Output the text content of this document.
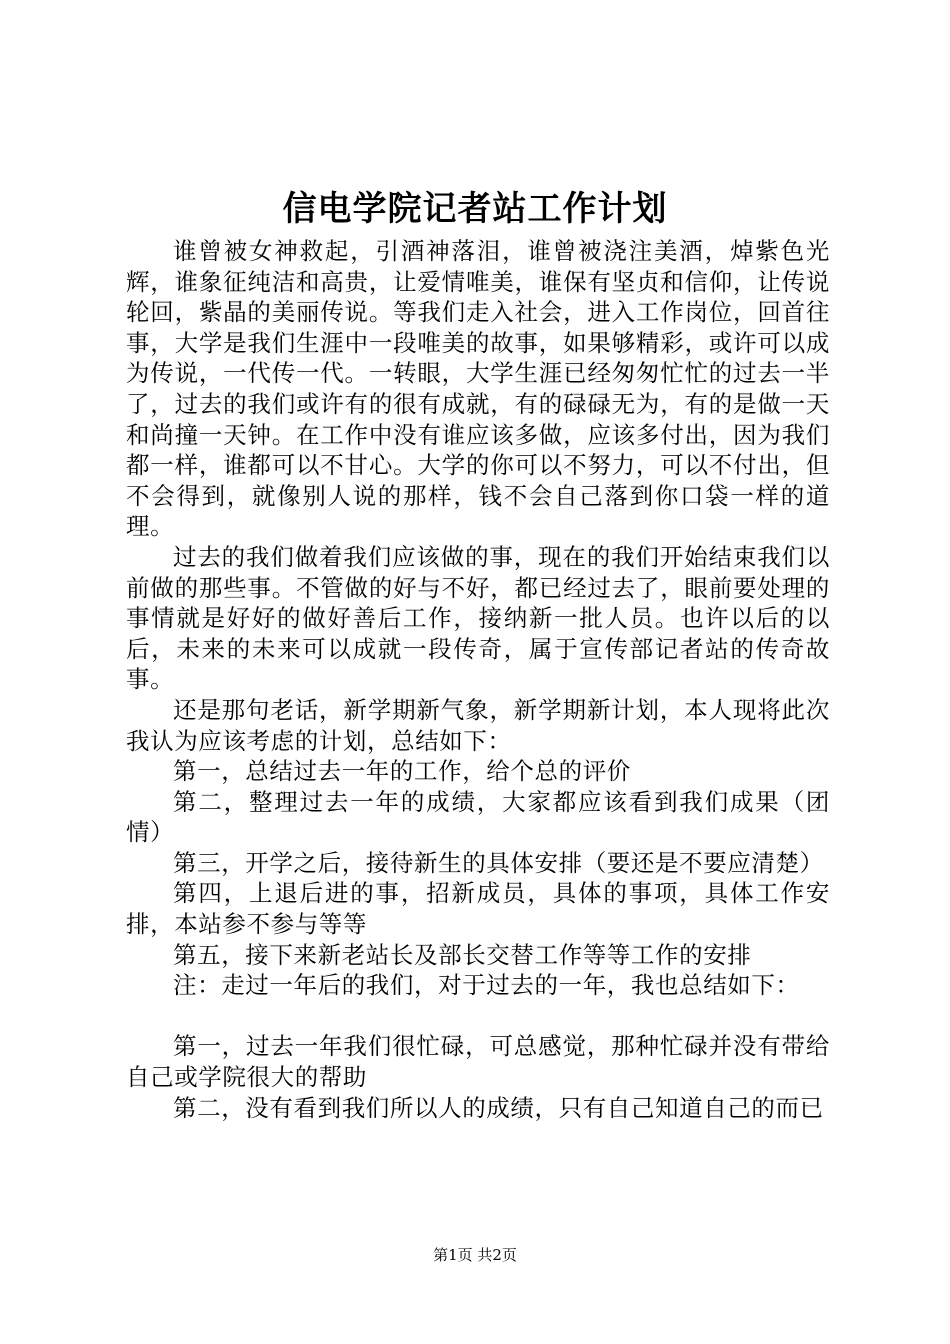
信电学院记者站工作计划

谁曾被女神救起，引酒神落泪，谁曾被浇注美酒，焯紫色光辉，谁象征纯洁和高贵，让爱情唯美，谁保有坚贞和信仰，让传说轮回，紫晶的美丽传说。等我们走入社会，进入工作岗位，回首往事，大学是我们生涯中一段唯美的故事，如果够精彩，或许可以成为传说，一代传一代。一转眼，大学生涯已经匆匆忙忙的过去一半了，过去的我们或许有的很有成就，有的碌碌无为，有的是做一天和尚撞一天钟。在工作中没有谁应该多做，应该多付出，因为我们都一样，谁都可以不甘心。大学的你可以不努力，可以不付出，但不会得到，就像别人说的那样，钱不会自己落到你口袋一样的道理。

过去的我们做着我们应该做的事，现在的我们开始结束我们以前做的那些事。不管做的好与不好，都已经过去了，眼前要处理的事情就是好好的做好善后工作，接纳新一批人员。也许以后的以后，未来的未来可以成就一段传奇，属于宣传部记者站的传奇故事。

还是那句老话，新学期新气象，新学期新计划，本人现将此次我认为应该考虑的计划，总结如下：

第一，总结过去一年的工作，给个总的评价

第二，整理过去一年的成绩，大家都应该看到我们成果（团情）

第三，开学之后，接待新生的具体安排（要还是不要应清楚）

第四，上退后进的事，招新成员，具体的事项，具体工作安排，本站参不参与等等

第五，接下来新老站长及部长交替工作等等工作的安排

注：走过一年后的我们，对于过去的一年，我也总结如下：

第一，过去一年我们很忙碌，可总感觉，那种忙碌并没有带给自己或学院很大的帮助

第二，没有看到我们所以人的成绩，只有自己知道自己的而已

第1页 共2页
